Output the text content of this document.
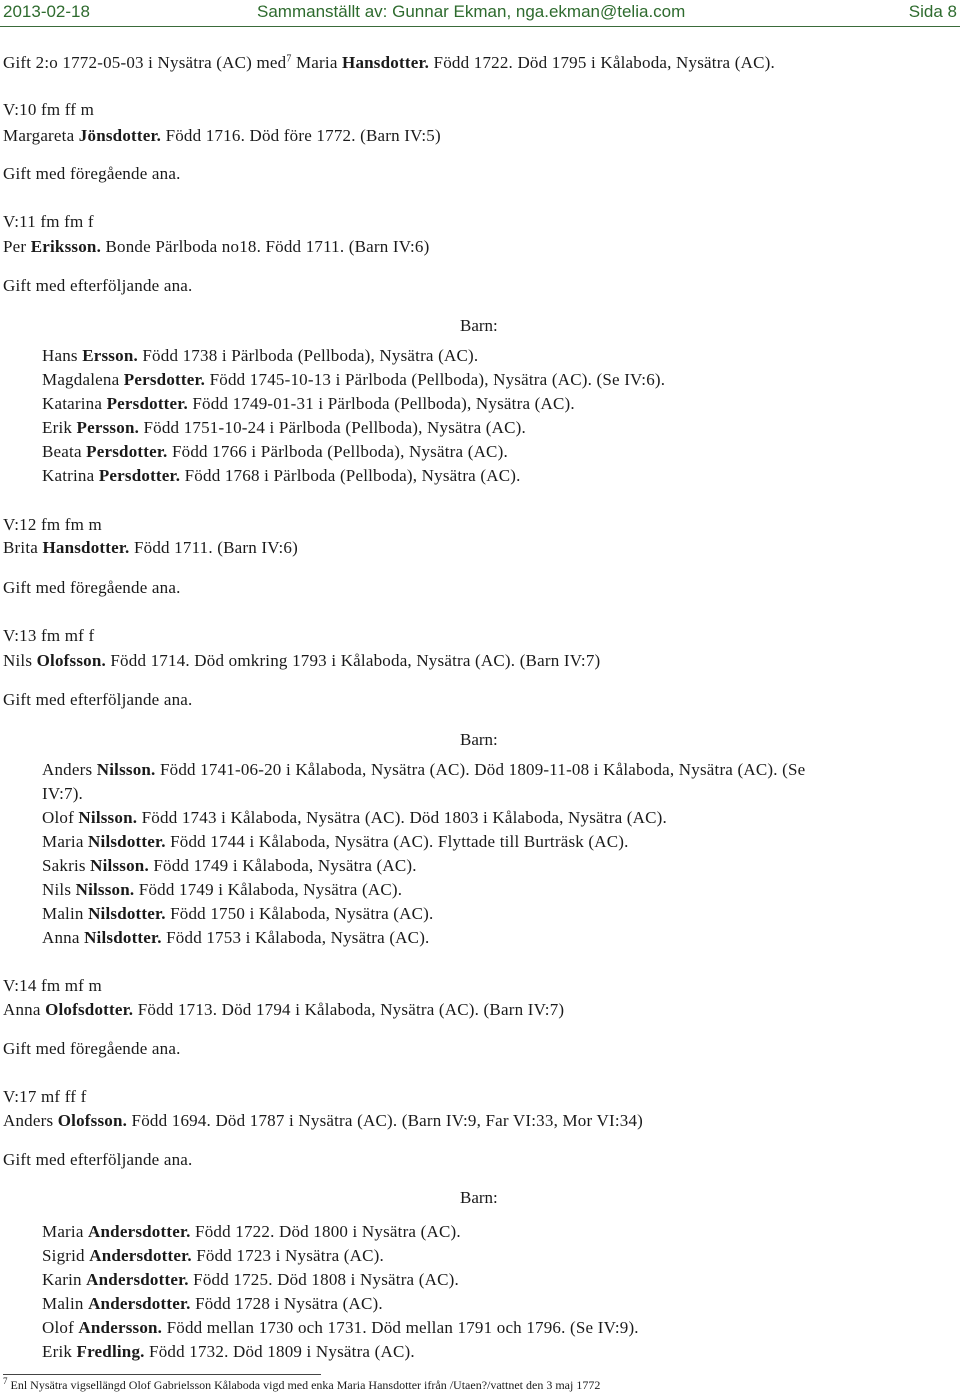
2013-02-18	Sammanställt av: Gunnar Ekman, nga.ekman@telia.com	Sida 8
Gift 2:o 1772-05-03 i Nysätra (AC) med$^7$ Maria Hansdotter. Född 1722. Död 1795 i Kålaboda, Nysätra (AC).
V:10 fm ff m
Margareta Jönsdotter. Född 1716. Död före 1772. (Barn IV:5)
Gift med föregående ana.
V:11 fm fm f
Per Eriksson. Bonde Pärlboda no18. Född 1711. (Barn IV:6)
Gift med efterföljande ana.
Barn:
Hans Ersson. Född 1738 i Pärlboda (Pellboda), Nysätra (AC).
Magdalena Persdotter. Född 1745-10-13 i Pärlboda (Pellboda), Nysätra (AC). (Se IV:6).
Katarina Persdotter. Född 1749-01-31 i Pärlboda (Pellboda), Nysätra (AC).
Erik Persson. Född 1751-10-24 i Pärlboda (Pellboda), Nysätra (AC).
Beata Persdotter. Född 1766 i Pärlboda (Pellboda), Nysätra (AC).
Katrina Persdotter. Född 1768 i Pärlboda (Pellboda), Nysätra (AC).
V:12 fm fm m
Brita Hansdotter. Född 1711. (Barn IV:6)
Gift med föregående ana.
V:13 fm mf f
Nils Olofsson. Född 1714. Död omkring 1793 i Kålaboda, Nysätra (AC). (Barn IV:7)
Gift med efterföljande ana.
Barn:
Anders Nilsson. Född 1741-06-20 i Kålaboda, Nysätra (AC). Död 1809-11-08 i Kålaboda, Nysätra (AC). (Se
IV:7).
Olof Nilsson. Född 1743 i Kålaboda, Nysätra (AC). Död 1803 i Kålaboda, Nysätra (AC).
Maria Nilsdotter. Född 1744 i Kålaboda, Nysätra (AC). Flyttade till Burträsk (AC).
Sakris Nilsson. Född 1749 i Kålaboda, Nysätra (AC).
Nils Nilsson. Född 1749 i Kålaboda, Nysätra (AC).
Malin Nilsdotter. Född 1750 i Kålaboda, Nysätra (AC).
Anna Nilsdotter. Född 1753 i Kålaboda, Nysätra (AC).
V:14 fm mf m
Anna Olofsdotter. Född 1713. Död 1794 i Kålaboda, Nysätra (AC). (Barn IV:7)
Gift med föregående ana.
V:17 mf ff f
Anders Olofsson. Född 1694. Död 1787 i Nysätra (AC). (Barn IV:9, Far VI:33, Mor VI:34)
Gift med efterföljande ana.
Barn:
Maria Andersdotter. Född 1722. Död 1800 i Nysätra (AC).
Sigrid Andersdotter. Född 1723 i Nysätra (AC).
Karin Andersdotter. Född 1725. Död 1808 i Nysätra (AC).
Malin Andersdotter. Född 1728 i Nysätra (AC).
Olof Andersson. Född mellan 1730 och 1731. Död mellan 1791 och 1796. (Se IV:9).
Erik Fredling. Född 1732. Död 1809 i Nysätra (AC).
$^7$ Enl Nysätra vigsellängd Olof Gabrielsson Kålaboda vigd med enka Maria Hansdotter ifrån /Utaen?/vattnet den 3 maj 1772
